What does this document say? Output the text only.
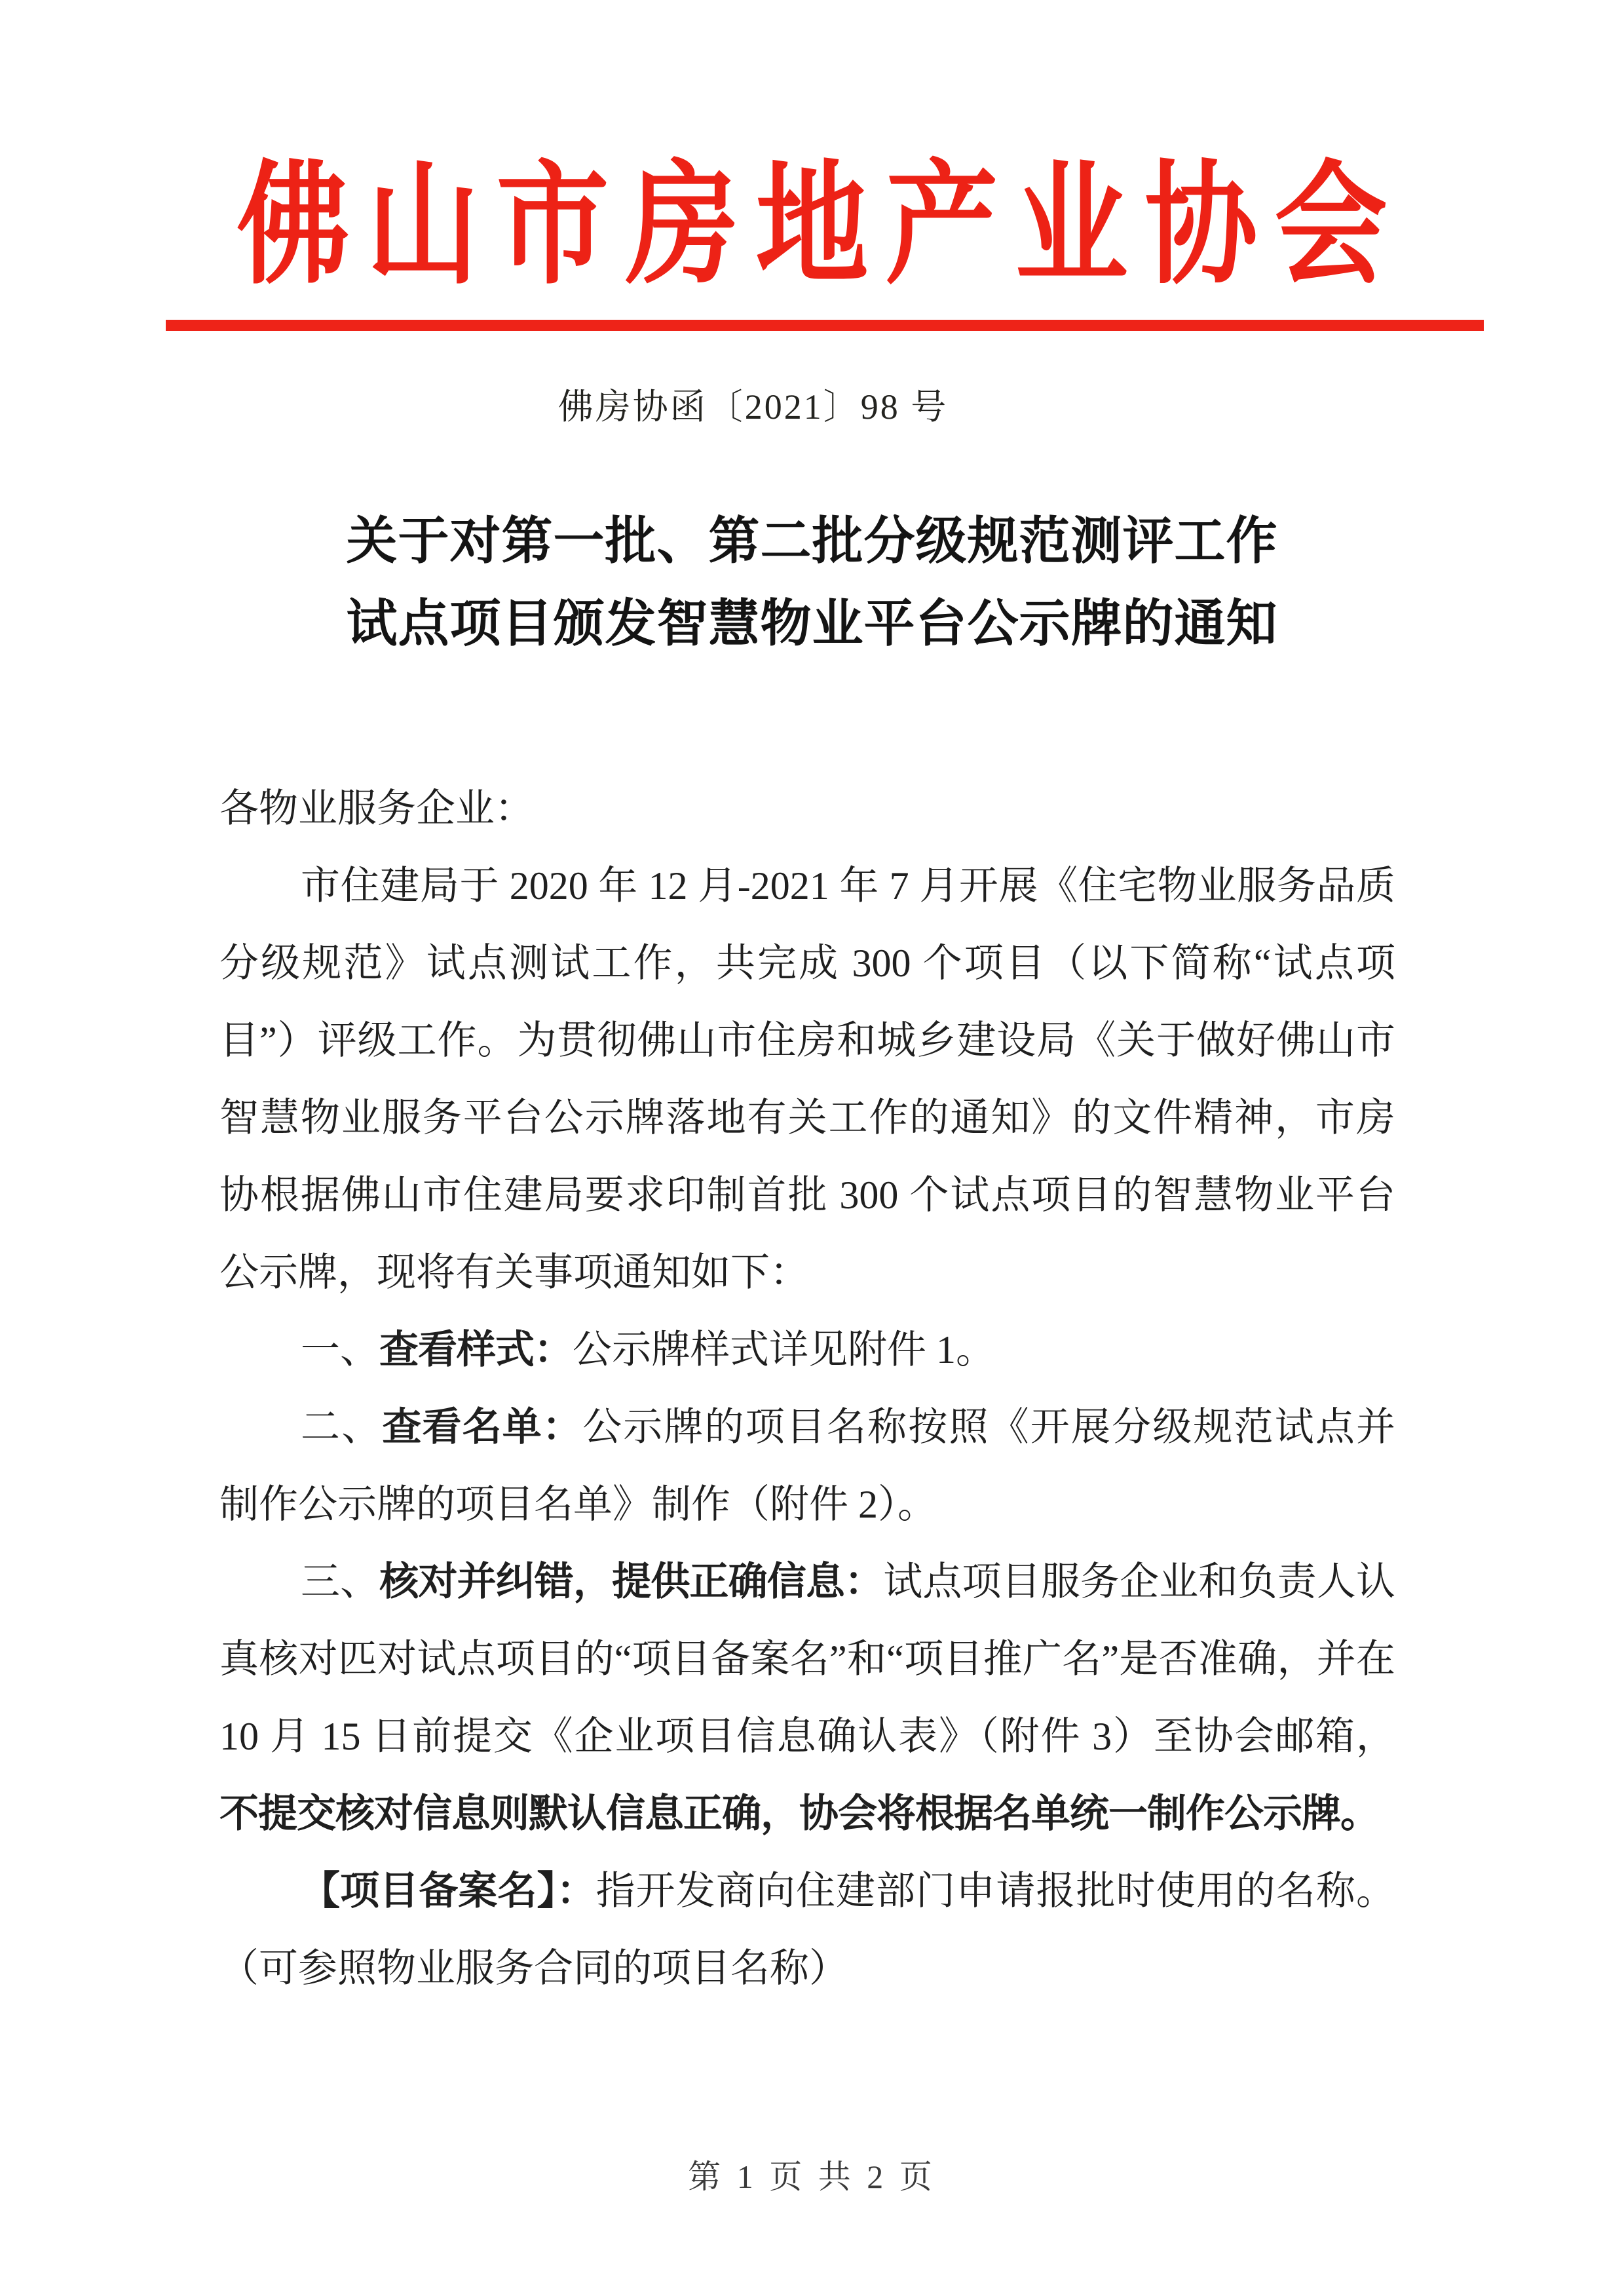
佛山市房地产业协会
佛房协函〔2021〕98 号
关于对第一批、第二批分级规范测评工作
试点项目颁发智慧物业平台公示牌的通知

各物业服务企业：

市住建局于 2020 年 12 月-2021 年 7 月开展《住宅物业服务品质分级规范》试点测试工作，共完成 300 个项目（以下简称“试点项目”）评级工作。为贯彻佛山市住房和城乡建设局《关于做好佛山市智慧物业服务平台公示牌落地有关工作的通知》的文件精神，市房协根据佛山市住建局要求印制首批 300 个试点项目的智慧物业平台公示牌，现将有关事项通知如下：

一、查看样式：公示牌样式详见附件 1。

二、查看名单：公示牌的项目名称按照《开展分级规范试点并制作公示牌的项目名单》制作（附件 2）。

三、核对并纠错，提供正确信息：试点项目服务企业和负责人认真核对匹对试点项目的“项目备案名”和“项目推广名”是否准确，并在 10 月 15 日前提交《企业项目信息确认表》（附件 3）至协会邮箱，不提交核对信息则默认信息正确，协会将根据名单统一制作公示牌。

【项目备案名】：指开发商向住建部门申请报批时使用的名称。（可参照物业服务合同的项目名称）

第 1 页 共 2 页
